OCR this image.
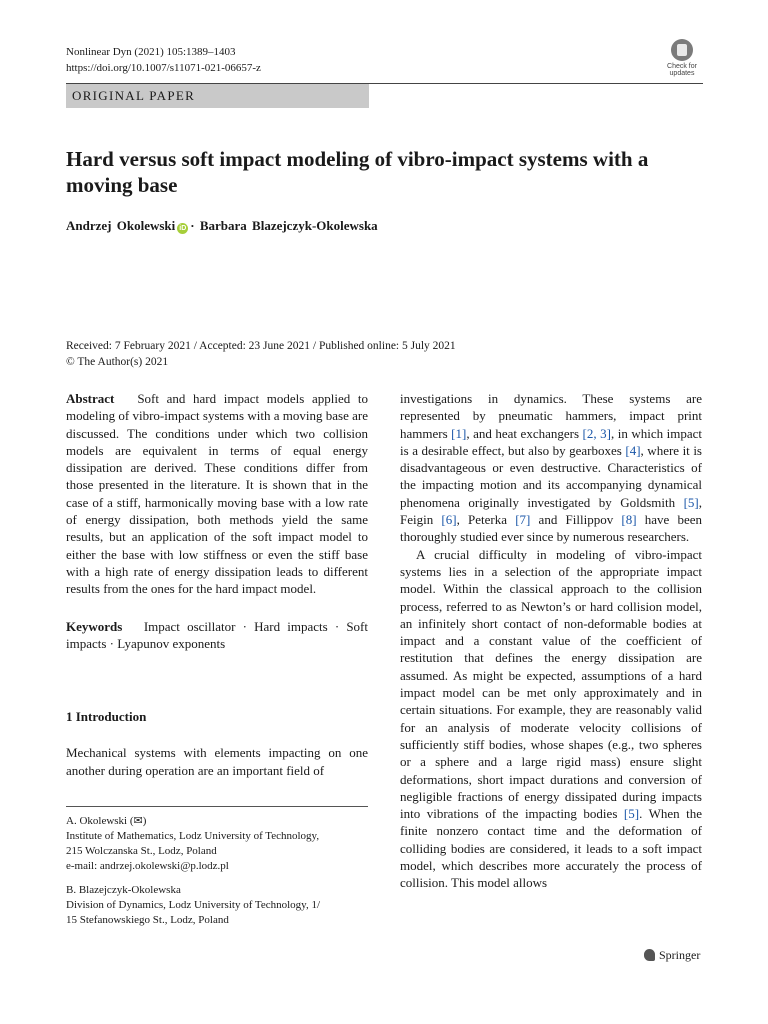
Nonlinear Dyn (2021) 105:1389–1403
https://doi.org/10.1007/s11071-021-06657-z	Check for
updates
ORIGINAL PAPER
Hard versus soft impact modeling of vibro-impact systems with a moving base
Andrzej Okolewski iD · Barbara Blazejczyk-Okolewska
Received: 7 February 2021 / Accepted: 23 June 2021 / Published online: 5 July 2021
© The Author(s) 2021

Abstract Soft and hard impact models applied to modeling of vibro-impact systems with a moving base are discussed. The conditions under which two collision models are equivalent in terms of equal energy dissipation are derived. These conditions differ from those presented in the literature. It is shown that in the case of a stiff, harmonically moving base with a low rate of energy dissipation, both methods yield the same results, but an application of the soft impact model to either the base with low stiffness or even the stiff base with a high rate of energy dissipation leads to different results from the ones for the hard impact model.

Keywords Impact oscillator · Hard impacts · Soft impacts · Lyapunov exponents

1 Introduction

Mechanical systems with elements impacting on one another during operation are an important field of

investigations in dynamics. These systems are represented by pneumatic hammers, impact print hammers [1], and heat exchangers [2, 3], in which impact is a desirable effect, but also by gearboxes [4], where it is disadvantageous or even destructive. Characteristics of the impacting motion and its accompanying dynamical phenomena originally investigated by Goldsmith [5], Feigin [6], Peterka [7] and Fillippov [8] have been thoroughly studied ever since by numerous researchers.

A crucial difficulty in modeling of vibro-impact systems lies in a selection of the appropriate impact model. Within the classical approach to the collision process, referred to as Newton’s or hard collision model, an infinitely short contact of non-deformable bodies at impact and a constant value of the coefficient of restitution that defines the energy dissipation are assumed. As might be expected, assumptions of a hard impact model can be met only approximately and in certain situations. For example, they are reasonably valid for an analysis of moderate velocity collisions of sufficiently stiff bodies, whose shapes (e.g., two spheres or a sphere and a large rigid mass) ensure slight deformations, short impact durations and conversion of negligible fractions of energy dissipated during impacts into vibrations of the impacting bodies [5]. When the finite nonzero contact time and the deformation of colliding bodies are considered, it leads to a soft impact model, which describes more accurately the process of collision. This model allows

A. Okolewski (✉)
Institute of Mathematics, Lodz University of Technology,
215 Wolczanska St., Lodz, Poland
e-mail: andrzej.okolewski@p.lodz.pl
B. Blazejczyk-Okolewska
Division of Dynamics, Lodz University of Technology, 1/
15 Stefanowskiego St., Lodz, Poland
Springer
